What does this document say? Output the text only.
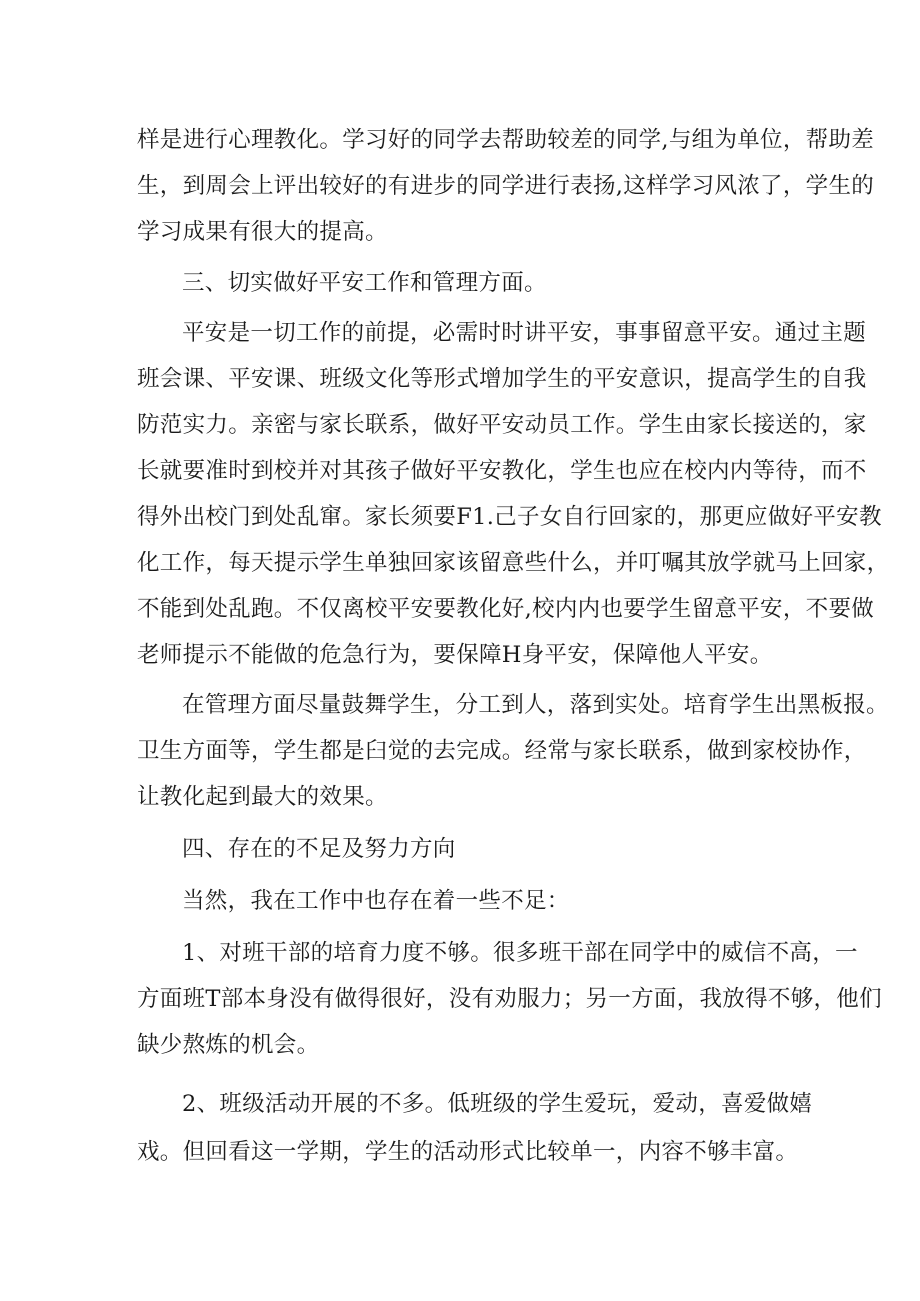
样是进行心理教化。学习好的同学去帮助较差的同学,与组为单位，帮助差
生，到周会上评出较好的有进步的同学进行表扬,这样学习风浓了，学生的
学习成果有很大的提高。
三、切实做好平安工作和管理方面。
平安是一切工作的前提，必需时时讲平安，事事留意平安。通过主题
班会课、平安课、班级文化等形式增加学生的平安意识，提高学生的自我
防范实力。亲密与家长联系，做好平安动员工作。学生由家长接送的，家
长就要准时到校并对其孩子做好平安教化，学生也应在校内内等待，而不
得外出校门到处乱窜。家长须要F1.己子女自行回家的，那更应做好平安教
化工作，每天提示学生单独回家该留意些什么，并叮嘱其放学就马上回家，
不能到处乱跑。不仅离校平安要教化好,校内内也要学生留意平安，不要做
老师提示不能做的危急行为，要保障H身平安，保障他人平安。
在管理方面尽量鼓舞学生，分工到人，落到实处。培育学生出黑板报。
卫生方面等，学生都是臼觉的去完成。经常与家长联系，做到家校协作，
让教化起到最大的效果。
四、存在的不足及努力方向
当然，我在工作中也存在着一些不足：
1、对班干部的培育力度不够。很多班干部在同学中的威信不高，一
方面班T部本身没有做得很好，没有劝服力；另一方面，我放得不够，他们
缺少熬炼的机会。
2、班级活动开展的不多。低班级的学生爱玩，爱动，喜爱做嬉
戏。但回看这一学期，学生的活动形式比较单一，内容不够丰富。
